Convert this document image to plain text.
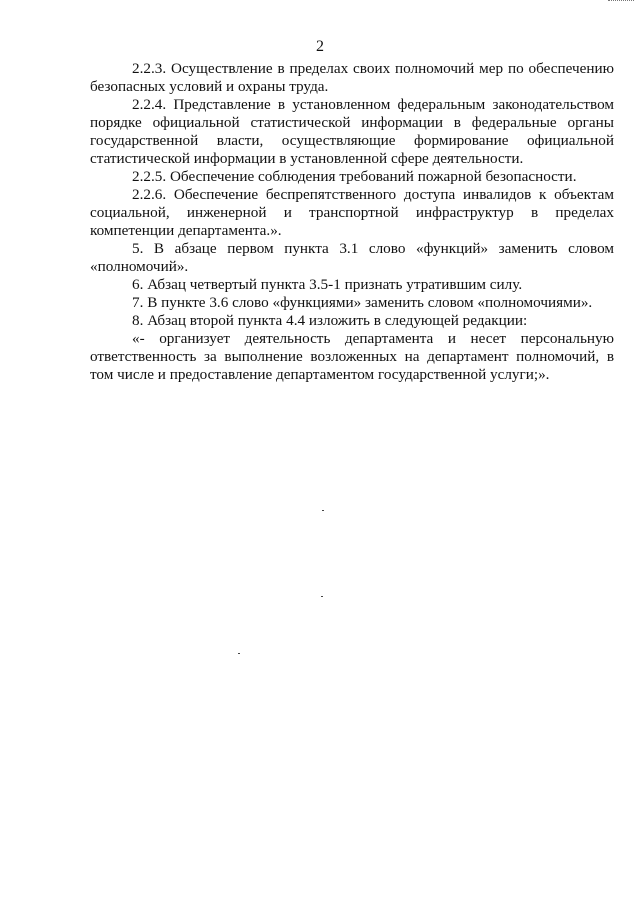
2

2.2.3. Осуществление в пределах своих полномочий мер по обеспечению безопасных условий и охраны труда.

2.2.4. Представление в установленном федеральным законодательством порядке официальной статистической информации в федеральные органы государственной власти, осуществляющие формирование официальной статистической информации в установленной сфере деятельности.

2.2.5. Обеспечение соблюдения требований пожарной безопасности.

2.2.6. Обеспечение беспрепятственного доступа инвалидов к объектам социальной, инженерной и транспортной инфраструктур в пределах компетенции департамента.».

5. В абзаце первом пункта 3.1 слово «функций» заменить словом «полномочий».

6. Абзац четвертый пункта 3.5-1 признать утратившим силу.

7. В пункте 3.6 слово «функциями» заменить словом «полномочиями».

8. Абзац второй пункта 4.4 изложить в следующей редакции:

«- организует деятельность департамента и несет персональную ответственность за выполнение возложенных на департамент полномочий, в том числе и предоставление департаментом государственной услуги;».
